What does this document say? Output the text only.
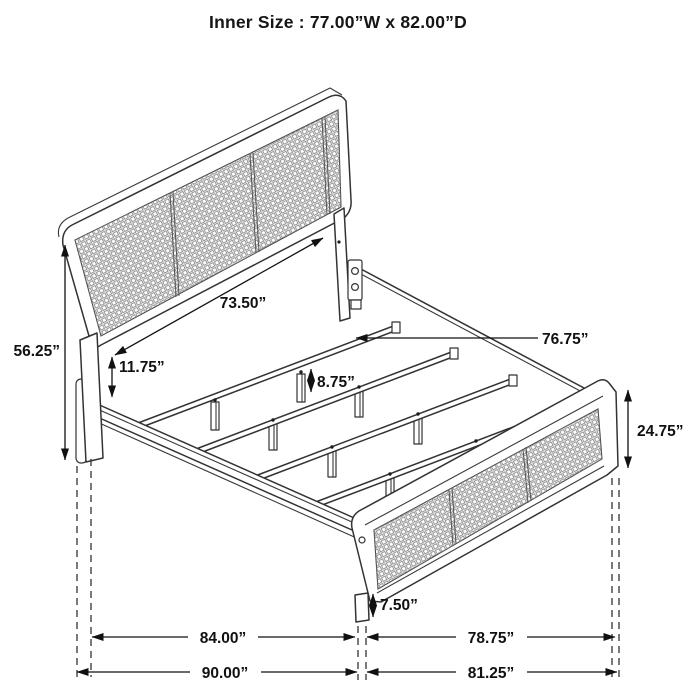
Inner Size : 77.00”W x 82.00”D
73.50”
76.75”
56.25”
11.75”
8.75”
24.75”
7.50”
84.00”	78.75”
90.00”	81.25”
